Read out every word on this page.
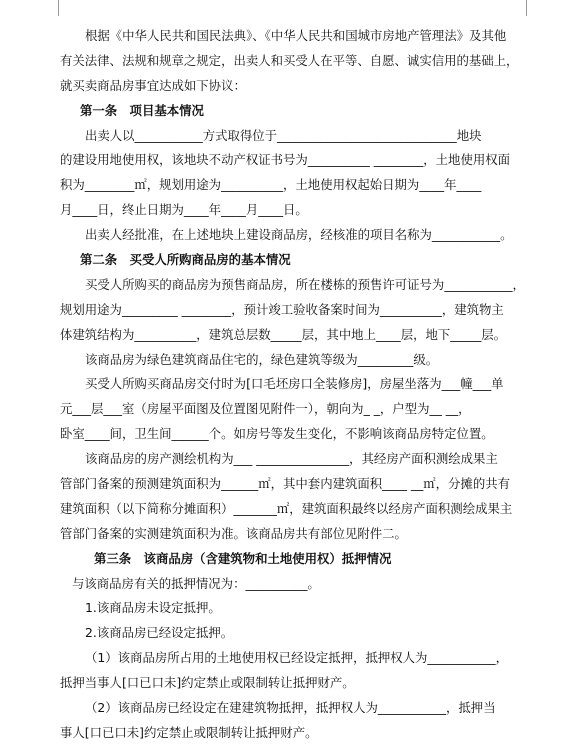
根据《中华人民共和国民法典》、《中华人民共和国城市房地产管理法》及其他
有关法律、法规和规章之规定，出卖人和买受人在平等、自愿、诚实信用的基础上，
就买卖商品房事宜达成如下协议：
第一条　项目基本情况
出卖人以___________方式取得位于_____________________________地块
的建设用地使用权，该地块不动产权证书号为__________ ________，土地使用权面
积为________㎡，规划用途为__________，土地使用权起始日期为____年____
月____日，终止日期为____年____月____日。
出卖人经批准，在上述地块上建设商品房，经核准的项目名称为___________。
第二条　买受人所购商品房的基本情况
买受人所购买的商品房为预售商品房，所在楼栋的预售许可证号为___________，
规划用途为_________ ________，预计竣工验收备案时间为__________，建筑物主
体建筑结构为__________，建筑总层数_____层，其中地上____层，地下_____层。
该商品房为绿色建筑商品住宅的，绿色建筑等级为_________级。
买受人所购买商品房交付时为[口毛坯房口全装修房]，房屋坐落为___幢___单
元___层___室（房屋平面图及位置图见附件一），朝向为_ _，户型为__ __，
卧室____间，卫生间______个。如房号等发生变化，不影响该商品房特定位置。
该商品房的房产测绘机构为___ _______________，其经房产面积测绘成果主
管部门备案的预测建筑面积为______㎡，其中套内建筑面积____ __㎡，分摊的共有
建筑面积（以下简称分摊面积）_______㎡，建筑面积最终以经房产面积测绘成果主
管部门备案的实测建筑面积为准。该商品房共有部位见附件二。
第三条　该商品房（含建筑物和土地使用权）抵押情况
与该商品房有关的抵押情况为：__________。
1.该商品房未设定抵押。
2.该商品房已经设定抵押。
（1）该商品房所占用的土地使用权已经设定抵押，抵押权人为___________，
抵押当事人[口已口未]约定禁止或限制转让抵押财产。
（2）该商品房已经设定在建建筑物抵押，抵押权人为___________，抵押当
事人[口已口未]约定禁止或限制转让抵押财产。
